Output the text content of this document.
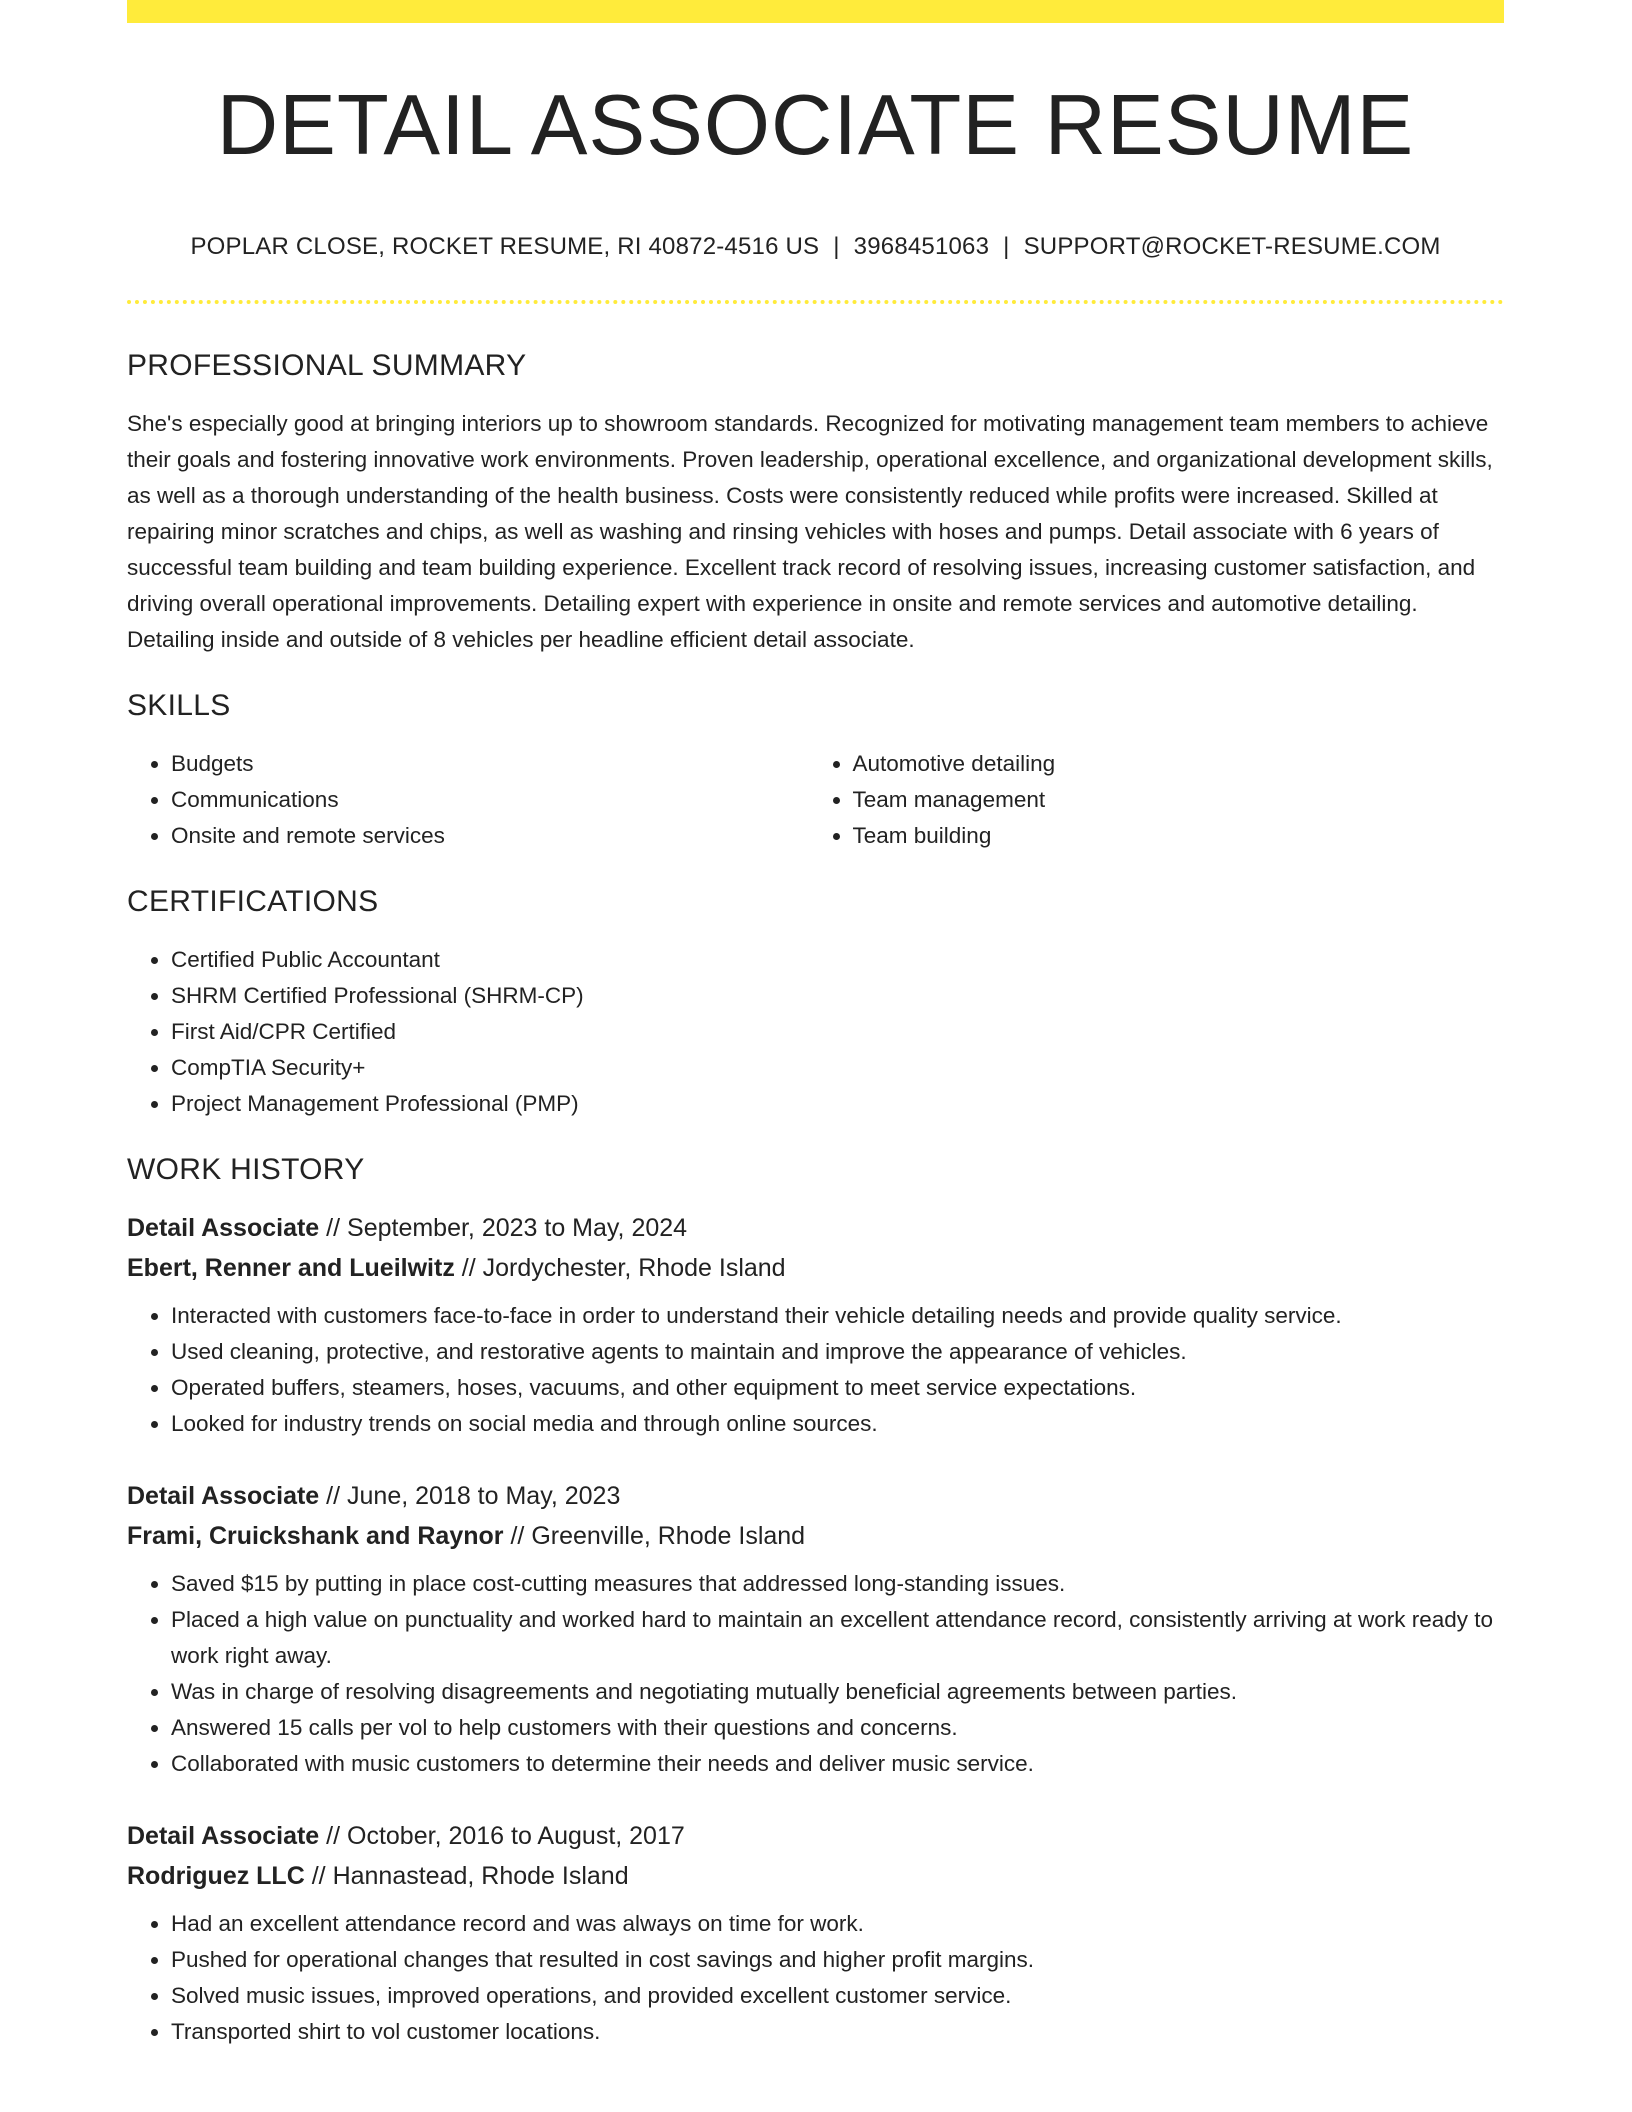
DETAIL ASSOCIATE RESUME
POPLAR CLOSE, ROCKET RESUME, RI 40872-4516 US | 3968451063 | SUPPORT@ROCKET-RESUME.COM
PROFESSIONAL SUMMARY

She's especially good at bringing interiors up to showroom standards. Recognized for motivating management team members to achieve their goals and fostering innovative work environments. Proven leadership, operational excellence, and organizational development skills, as well as a thorough understanding of the health business. Costs were consistently reduced while profits were increased. Skilled at repairing minor scratches and chips, as well as washing and rinsing vehicles with hoses and pumps. Detail associate with 6 years of successful team building and team building experience. Excellent track record of resolving issues, increasing customer satisfaction, and driving overall operational improvements. Detailing expert with experience in onsite and remote services and automotive detailing. Detailing inside and outside of 8 vehicles per headline efficient detail associate.

SKILLS
• Budgets
• Communications
• Onsite and remote services
• Automotive detailing
• Team management
• Team building
CERTIFICATIONS
• Certified Public Accountant
• SHRM Certified Professional (SHRM-CP)
• First Aid/CPR Certified
• CompTIA Security+
• Project Management Professional (PMP)
WORK HISTORY
Detail Associate // September, 2023 to May, 2024
Ebert, Renner and Lueilwitz // Jordychester, Rhode Island
• Interacted with customers face-to-face in order to understand their vehicle detailing needs and provide quality service.
• Used cleaning, protective, and restorative agents to maintain and improve the appearance of vehicles.
• Operated buffers, steamers, hoses, vacuums, and other equipment to meet service expectations.
• Looked for industry trends on social media and through online sources.
Detail Associate // June, 2018 to May, 2023
Frami, Cruickshank and Raynor // Greenville, Rhode Island
• Saved $15 by putting in place cost-cutting measures that addressed long-standing issues.
• Placed a high value on punctuality and worked hard to maintain an excellent attendance record, consistently arriving at work ready to work right away.
• Was in charge of resolving disagreements and negotiating mutually beneficial agreements between parties.
• Answered 15 calls per vol to help customers with their questions and concerns.
• Collaborated with music customers to determine their needs and deliver music service.
Detail Associate // October, 2016 to August, 2017
Rodriguez LLC // Hannastead, Rhode Island
• Had an excellent attendance record and was always on time for work.
• Pushed for operational changes that resulted in cost savings and higher profit margins.
• Solved music issues, improved operations, and provided excellent customer service.
• Transported shirt to vol customer locations.
